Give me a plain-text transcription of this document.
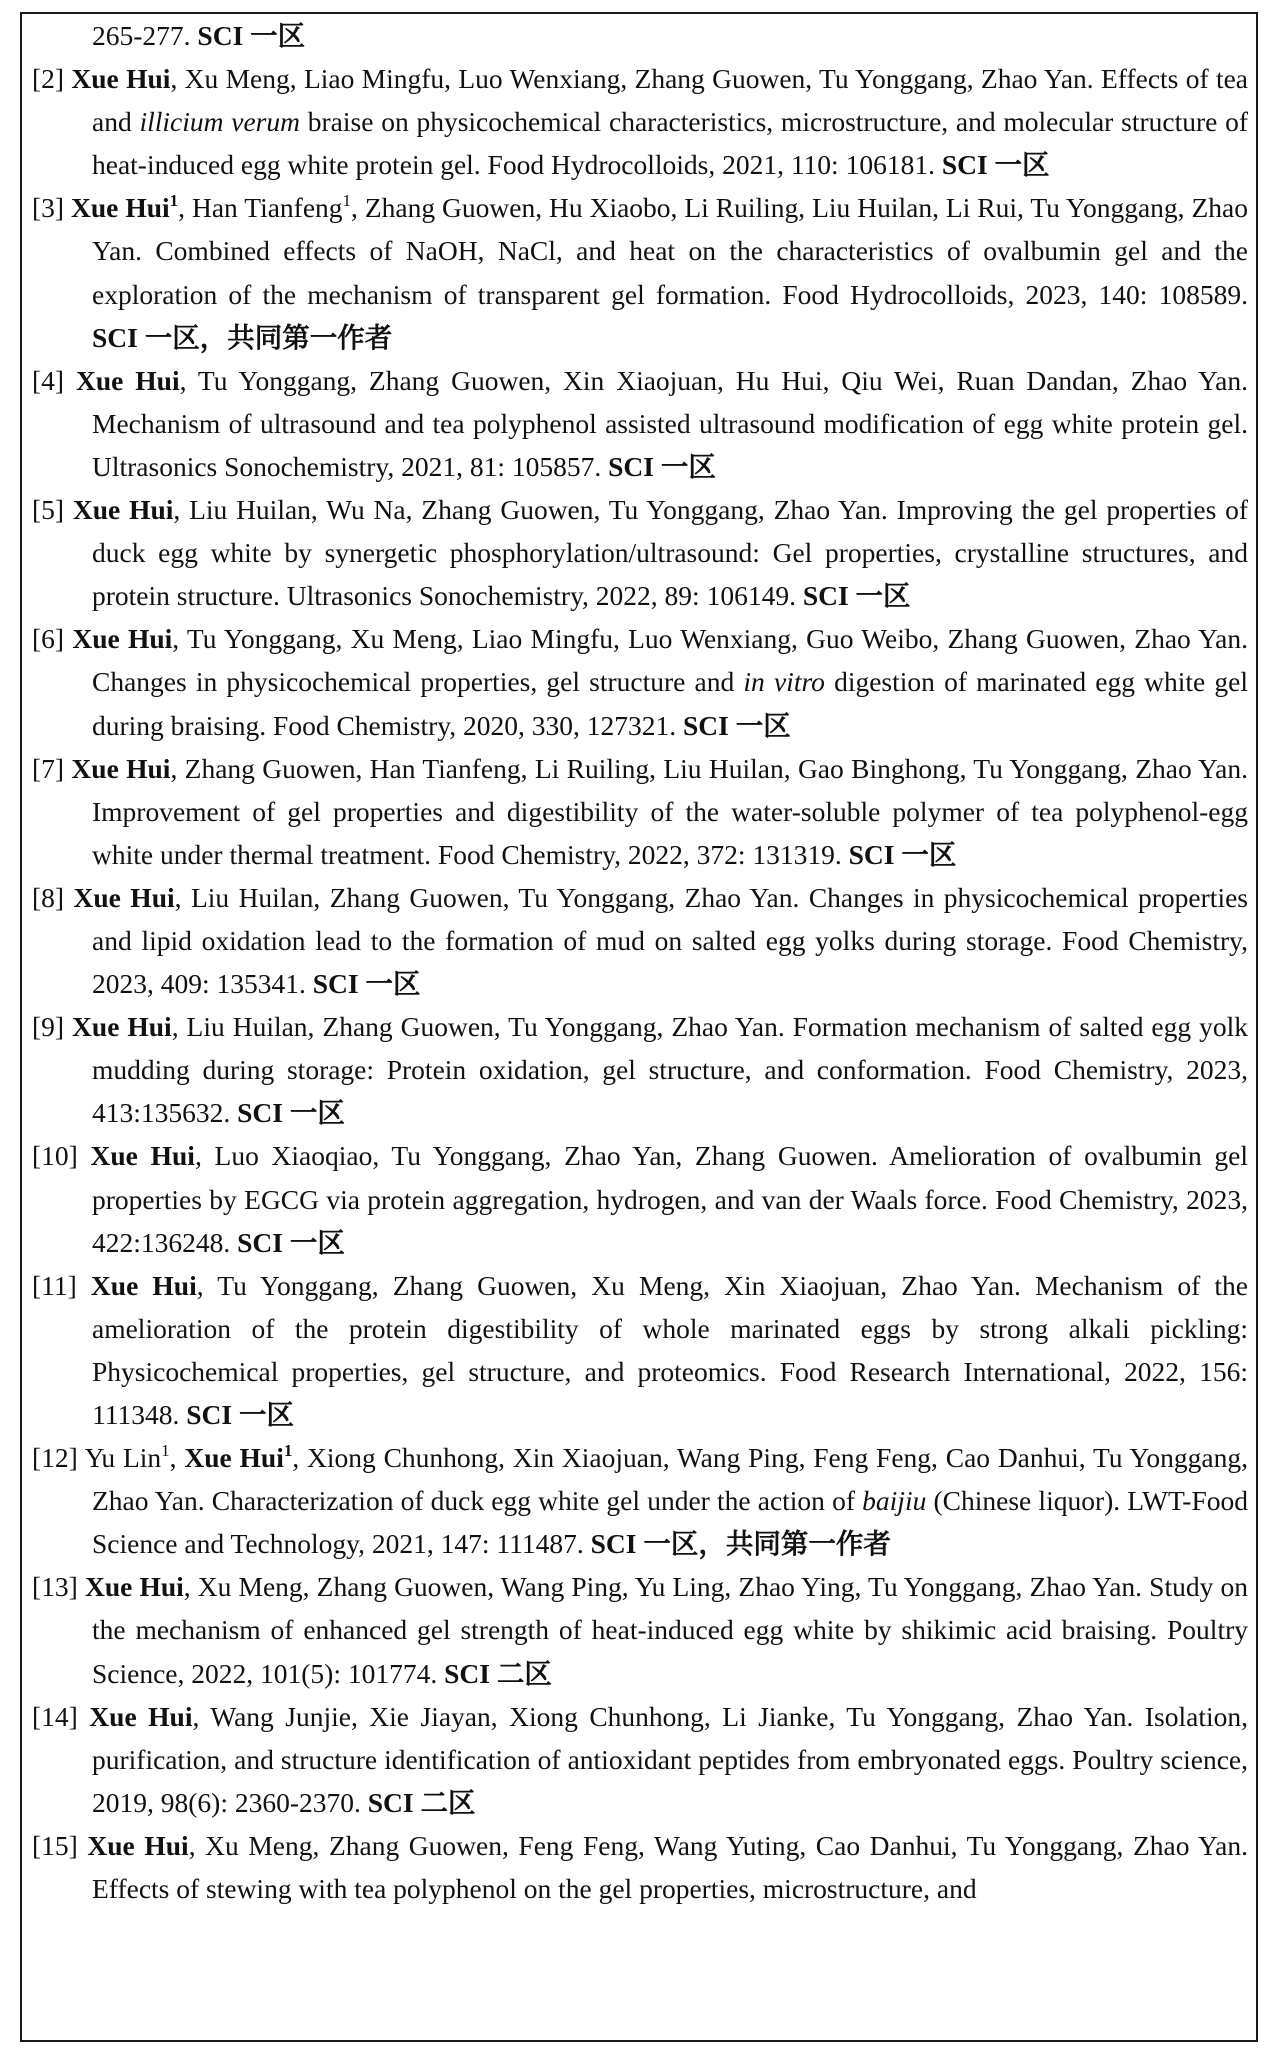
265-277. SCI 一区

[2] Xue Hui, Xu Meng, Liao Mingfu, Luo Wenxiang, Zhang Guowen, Tu Yonggang, Zhao Yan. Effects of tea and illicium verum braise on physicochemical characteristics, microstructure, and molecular structure of heat-induced egg white protein gel. Food Hydrocolloids, 2021, 110: 106181. SCI 一区

[3] Xue Hui$^1$, Han Tianfeng$^1$, Zhang Guowen, Hu Xiaobo, Li Ruiling, Liu Huilan, Li Rui, Tu Yonggang, Zhao Yan. Combined effects of NaOH, NaCl, and heat on the characteristics of ovalbumin gel and the exploration of the mechanism of transparent gel formation. Food Hydrocolloids, 2023, 140: 108589. SCI 一区，共同第一作者

[4] Xue Hui, Tu Yonggang, Zhang Guowen, Xin Xiaojuan, Hu Hui, Qiu Wei, Ruan Dandan, Zhao Yan. Mechanism of ultrasound and tea polyphenol assisted ultrasound modification of egg white protein gel. Ultrasonics Sonochemistry, 2021, 81: 105857. SCI 一区

[5] Xue Hui, Liu Huilan, Wu Na, Zhang Guowen, Tu Yonggang, Zhao Yan. Improving the gel properties of duck egg white by synergetic phosphorylation/ultrasound: Gel properties, crystalline structures, and protein structure. Ultrasonics Sonochemistry, 2022, 89: 106149. SCI 一区

[6] Xue Hui, Tu Yonggang, Xu Meng, Liao Mingfu, Luo Wenxiang, Guo Weibo, Zhang Guowen, Zhao Yan. Changes in physicochemical properties, gel structure and in vitro digestion of marinated egg white gel during braising. Food Chemistry, 2020, 330, 127321. SCI 一区

[7] Xue Hui, Zhang Guowen, Han Tianfeng, Li Ruiling, Liu Huilan, Gao Binghong, Tu Yonggang, Zhao Yan. Improvement of gel properties and digestibility of the water-soluble polymer of tea polyphenol-egg white under thermal treatment. Food Chemistry, 2022, 372: 131319. SCI 一区

[8] Xue Hui, Liu Huilan, Zhang Guowen, Tu Yonggang, Zhao Yan. Changes in physicochemical properties and lipid oxidation lead to the formation of mud on salted egg yolks during storage. Food Chemistry, 2023, 409: 135341. SCI 一区

[9] Xue Hui, Liu Huilan, Zhang Guowen, Tu Yonggang, Zhao Yan. Formation mechanism of salted egg yolk mudding during storage: Protein oxidation, gel structure, and conformation. Food Chemistry, 2023, 413:135632. SCI 一区

[10] Xue Hui, Luo Xiaoqiao, Tu Yonggang, Zhao Yan, Zhang Guowen. Amelioration of ovalbumin gel properties by EGCG via protein aggregation, hydrogen, and van der Waals force. Food Chemistry, 2023, 422:136248. SCI 一区

[11] Xue Hui, Tu Yonggang, Zhang Guowen, Xu Meng, Xin Xiaojuan, Zhao Yan. Mechanism of the amelioration of the protein digestibility of whole marinated eggs by strong alkali pickling: Physicochemical properties, gel structure, and proteomics. Food Research International, 2022, 156: 111348. SCI 一区

[12] Yu Lin$^1$, Xue Hui$^1$, Xiong Chunhong, Xin Xiaojuan, Wang Ping, Feng Feng, Cao Danhui, Tu Yonggang, Zhao Yan. Characterization of duck egg white gel under the action of baijiu (Chinese liquor). LWT-Food Science and Technology, 2021, 147: 111487. SCI 一区，共同第一作者

[13] Xue Hui, Xu Meng, Zhang Guowen, Wang Ping, Yu Ling, Zhao Ying, Tu Yonggang, Zhao Yan. Study on the mechanism of enhanced gel strength of heat-induced egg white by shikimic acid braising. Poultry Science, 2022, 101(5): 101774. SCI 二区

[14] Xue Hui, Wang Junjie, Xie Jiayan, Xiong Chunhong, Li Jianke, Tu Yonggang, Zhao Yan. Isolation, purification, and structure identification of antioxidant peptides from embryonated eggs. Poultry science, 2019, 98(6): 2360-2370. SCI 二区

[15] Xue Hui, Xu Meng, Zhang Guowen, Feng Feng, Wang Yuting, Cao Danhui, Tu Yonggang, Zhao Yan. Effects of stewing with tea polyphenol on the gel properties, microstructure, and
